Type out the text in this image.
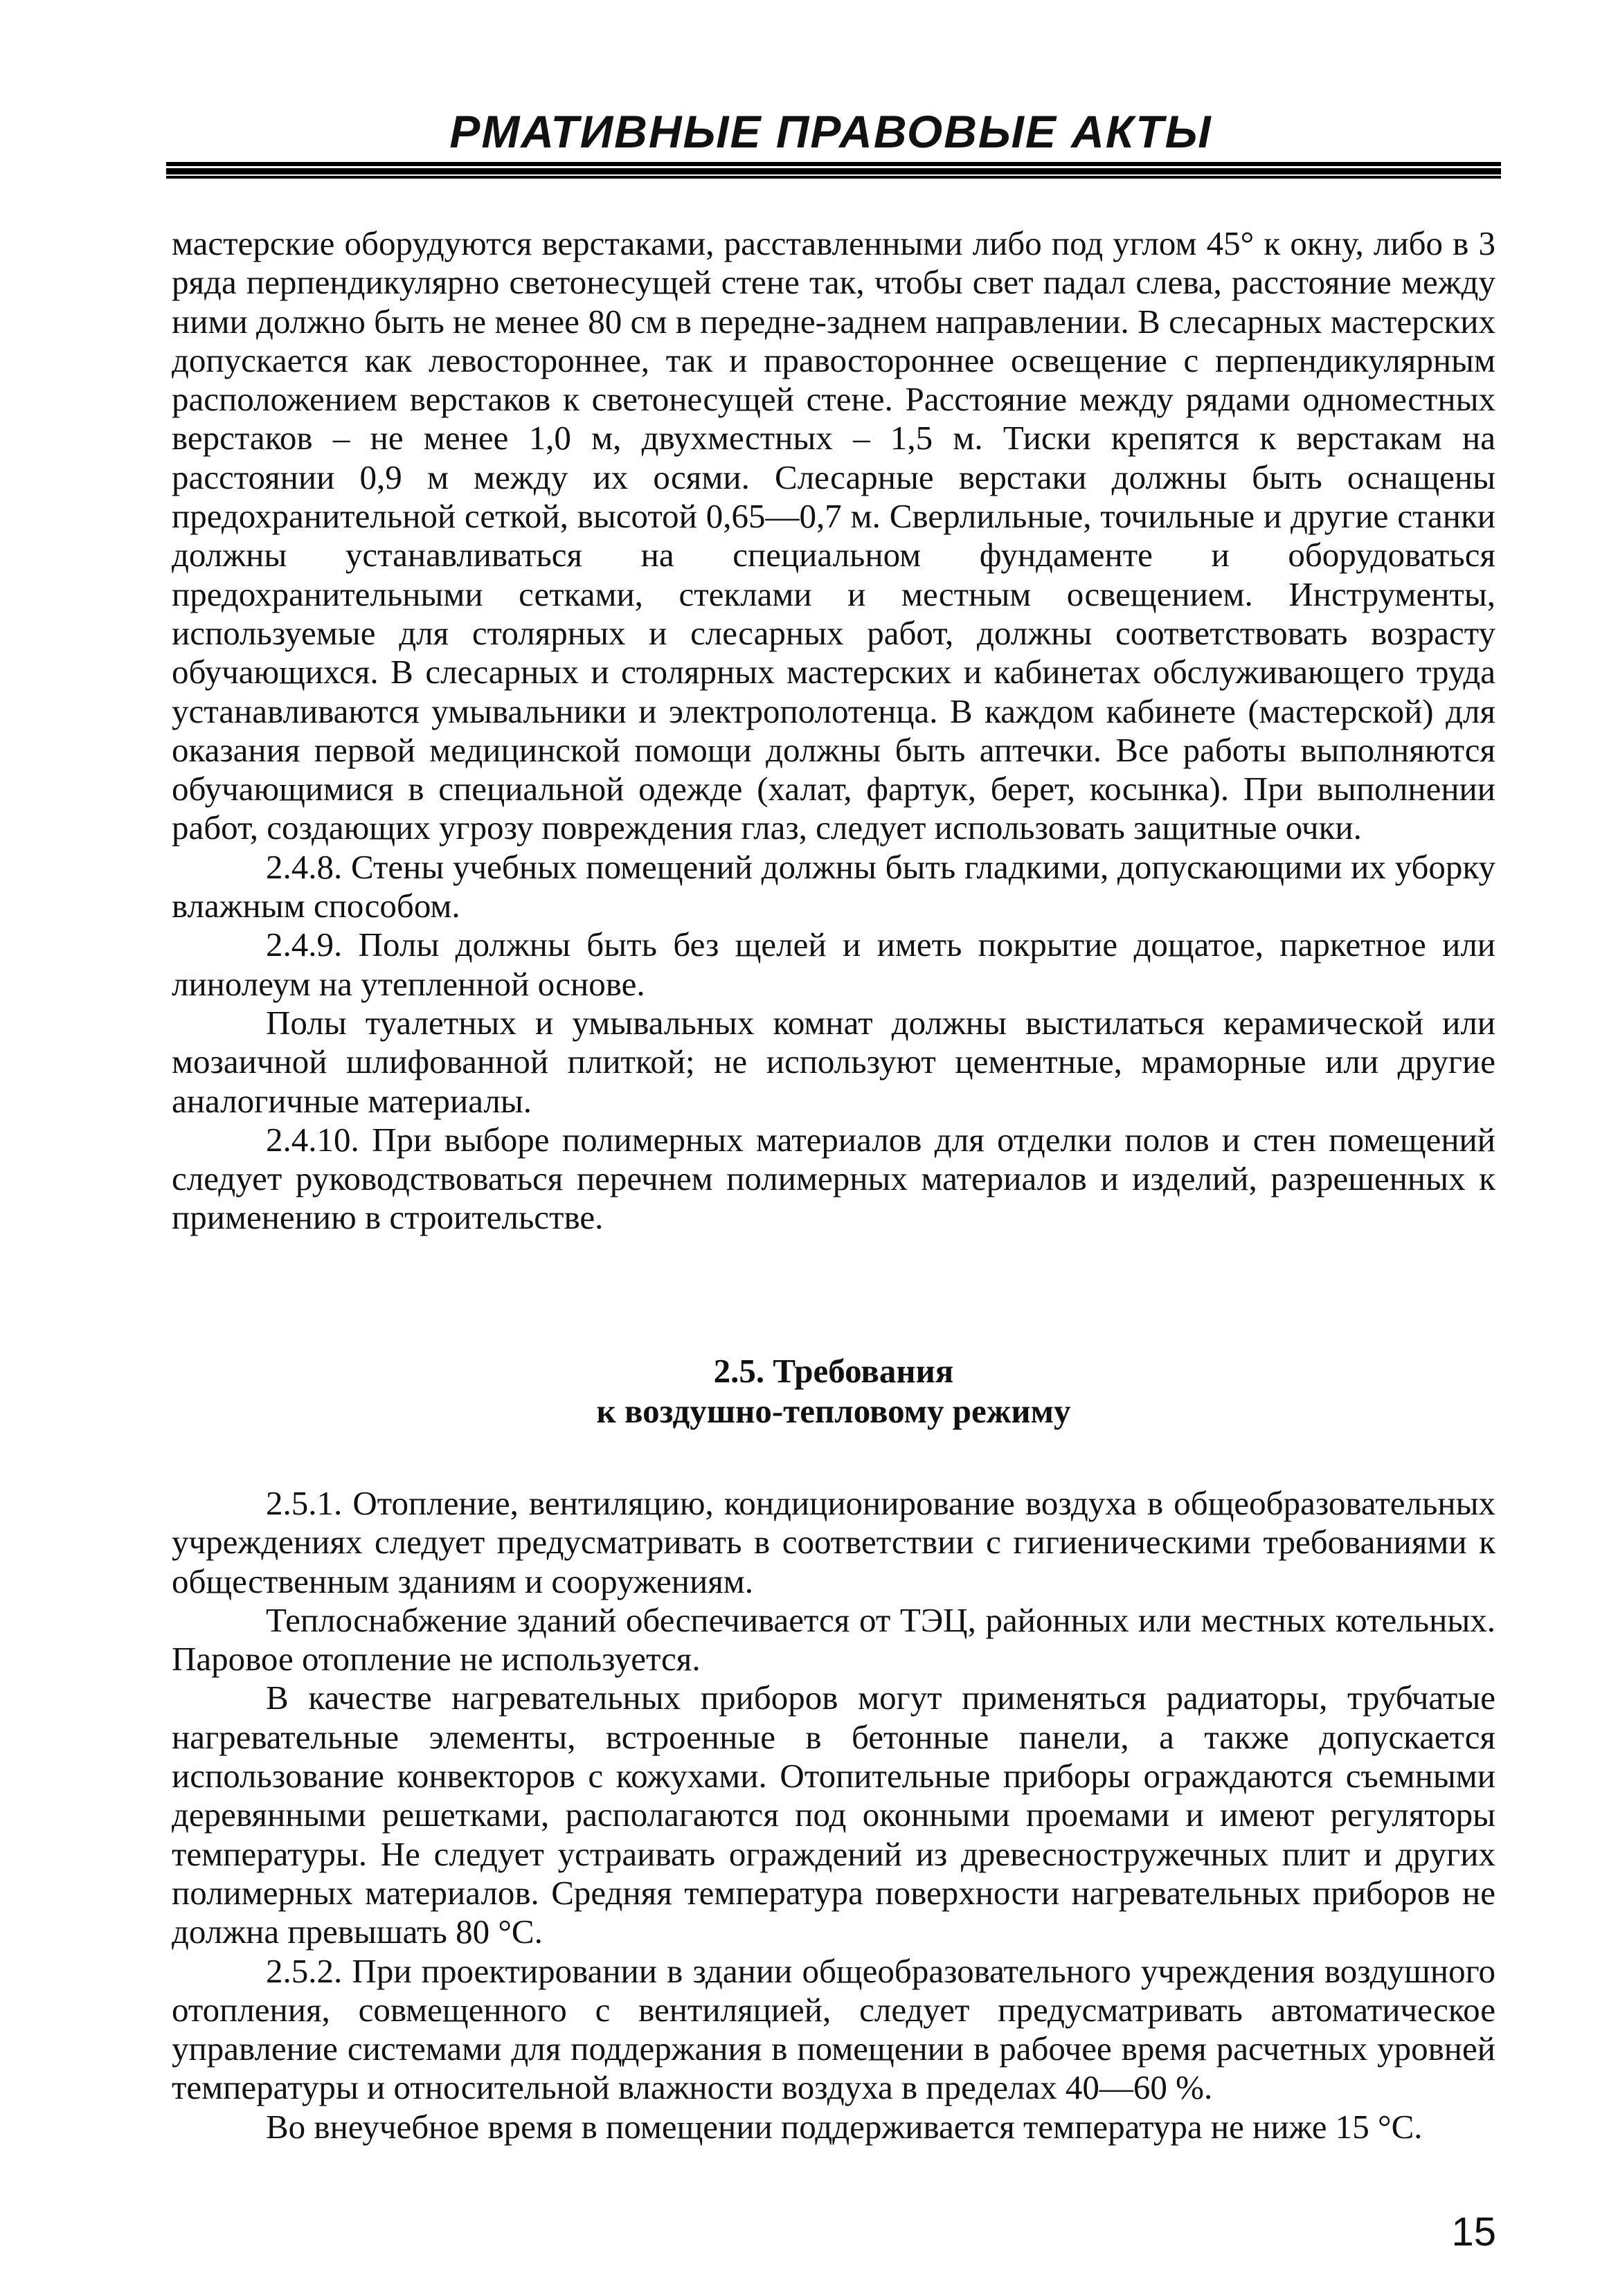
РМАТИВНЫЕ ПРАВОВЫЕ АКТЫ

мастерские оборудуются верстаками, расставленными либо под углом 45° к окну, либо в 3 ряда перпендикулярно светонесущей стене так, чтобы свет падал слева, расстояние между ними должно быть не менее 80 см в передне-заднем направлении. В слесарных мастерских допускается как левостороннее, так и правостороннее освещение с перпендикулярным расположением верстаков к светонесущей стене. Расстояние между рядами одноместных верстаков – не менее 1,0 м, двухместных – 1,5 м. Тиски крепятся к верстакам на расстоянии 0,9 м между их осями. Слесарные верстаки должны быть оснащены предохранительной сеткой, высотой 0,65—0,7 м. Сверлильные, точильные и другие станки должны устанавливаться на специальном фундаменте и оборудоваться предохранительными сетками, стеклами и местным освещением. Инструменты, используемые для столярных и слесарных работ, должны соответствовать возрасту обучающихся. В слесарных и столярных мастерских и кабинетах обслуживающего труда устанавливаются умывальники и электрополотенца. В каждом кабинете (мастерской) для оказания первой медицинской помощи должны быть аптечки. Все работы выполняются обучающимися в специальной одежде (халат, фартук, берет, косынка). При выполнении работ, создающих угрозу повреждения глаз, следует использовать защитные очки.

2.4.8. Стены учебных помещений должны быть гладкими, допускающими их уборку влажным способом.

2.4.9. Полы должны быть без щелей и иметь покрытие дощатое, паркетное или линолеум на утепленной основе.

Полы туалетных и умывальных комнат должны выстилаться керамической или мозаичной шлифованной плиткой; не используют цементные, мраморные или другие аналогичные материалы.

2.4.10. При выборе полимерных материалов для отделки полов и стен помещений следует руководствоваться перечнем полимерных материалов и изделий, разрешенных к применению в строительстве.

2.5. Требования
к воздушно-тепловому режиму

2.5.1. Отопление, вентиляцию, кондиционирование воздуха в общеобразовательных учреждениях следует предусматривать в соответствии с гигиеническими требованиями к общественным зданиям и сооружениям.

Теплоснабжение зданий обеспечивается от ТЭЦ, районных или местных котельных. Паровое отопление не используется.

В качестве нагревательных приборов могут применяться радиаторы, трубчатые нагревательные элементы, встроенные в бетонные панели, а также допускается использование конвекторов с кожухами. Отопительные приборы ограждаются съемными деревянными решетками, располагаются под оконными проемами и имеют регуляторы температуры. Не следует устраивать ограждений из древесностружечных плит и других полимерных материалов. Средняя температура поверхности нагревательных приборов не должна превышать 80 °С.

2.5.2. При проектировании в здании общеобразовательного учреждения воздушного отопления, совмещенного с вентиляцией, следует предусматривать автоматическое управление системами для поддержания в помещении в рабочее время расчетных уровней температуры и относительной влажности воздуха в пределах 40—60 %.

Во внеучебное время в помещении поддерживается температура не ниже 15 °С.

15
